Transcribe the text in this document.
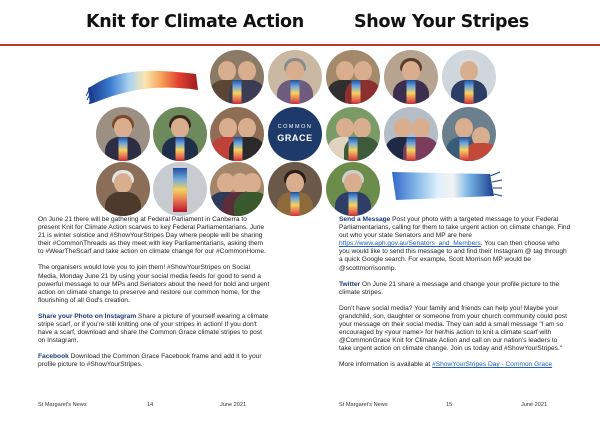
Knit for Climate Action	Show Your Stripes
COMMON
GRACE

On June 21 there will be gathering at Federal Parliament in Canberra to present Knit for Climate Action scarves to key Federal Parliamentarians. June 21 is winter solstice and #ShowYourStripes Day where people will be sharing their #CommonThreads as they meet with key Parliamentarians, asking them to #WearTheScarf and take action on climate change for our #CommonHome.

The organisers would love you to join them! #ShowYourStripes on Social Media, Monday June 21 by using your social media feeds for good to send a powerful message to our MPs and Senators about the need for bold and urgent action on climate change to preserve and restore our common home, for the flourishing of all God's creation.

Share your Photo on Instagram Share a picture of yourself wearing a climate stripe scarf, or if you're still knitting one of your stripes in action! If you don't have a scarf, download and share the Common Grace climate stripes to post on Instagram.

Facebook Download the Common Grace Facebook frame and add it to your profile picture to #ShowYourStripes.

Send a Message Post your photo with a targeted message to your Federal Parliamentarians, calling for them to take urgent action on climate change. Find out who your state Senators and MP are here https://www.aph.gov.au/Senators_and_Members. You can then choose who you would like to send this message to and find their Instagram @ tag through a quick Google search. For example, Scott Morrison MP would be @scottmorrisonmp.

Twitter On June 21 share a message and change your profile picture to the climate stripes.

Don't have social media? Your family and friends can help you! Maybe your grandchild, son, daughter or someone from your church community could post your message on their social media. They can add a small message "I am so encouraged by <your name> for her/his action to knit a climate scarf with @CommonGrace Knit for Climate Action and call on our nation's leaders to take urgent action on climate change. Join us today and #ShowYourStripes."

More information is available at #ShowYourStripes Day - Common Grace

St Margaret's News	14	June 2021	St Margaret's News	15	June 2021
